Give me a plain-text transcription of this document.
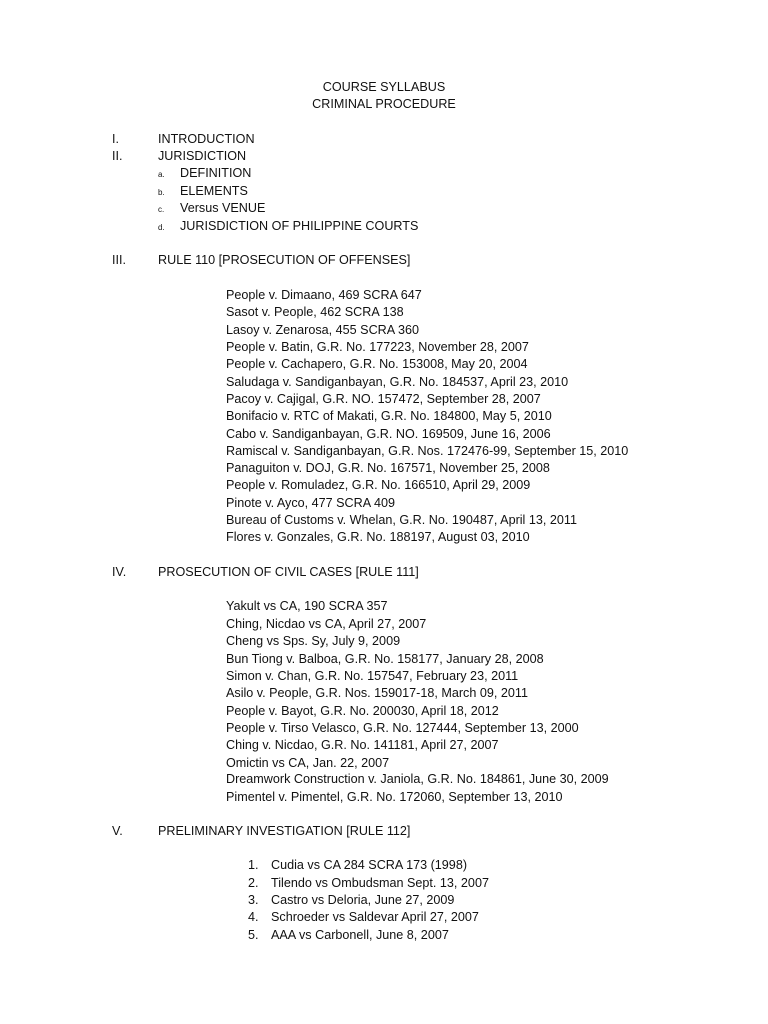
COURSE SYLLABUS
CRIMINAL PROCEDURE
I.	INTRODUCTION
II.	JURISDICTION
a. DEFINITION
b. ELEMENTS
c. Versus VENUE
d. JURISDICTION OF PHILIPPINE COURTS
III.	RULE 110 [PROSECUTION OF OFFENSES]
People v. Dimaano, 469 SCRA 647
Sasot v. People, 462 SCRA 138
Lasoy v. Zenarosa, 455 SCRA 360
People v. Batin, G.R. No. 177223, November 28, 2007
People v. Cachapero, G.R. No. 153008, May 20, 2004
Saludaga v. Sandiganbayan, G.R. No. 184537, April 23, 2010
Pacoy v. Cajigal, G.R. NO. 157472, September 28, 2007
Bonifacio v. RTC of Makati, G.R. No. 184800, May 5, 2010
Cabo v. Sandiganbayan, G.R. NO. 169509, June 16, 2006
Ramiscal v. Sandiganbayan, G.R. Nos. 172476-99, September 15, 2010
Panaguiton v. DOJ, G.R. No. 167571, November 25, 2008
People v. Romuladez, G.R. No. 166510, April 29, 2009
Pinote v. Ayco, 477 SCRA 409
Bureau of Customs v. Whelan, G.R. No. 190487, April 13, 2011
Flores v. Gonzales, G.R. No. 188197, August 03, 2010
IV.	PROSECUTION OF CIVIL CASES [RULE 111]
Yakult vs CA, 190 SCRA 357
Ching, Nicdao vs CA, April 27, 2007
Cheng vs Sps. Sy, July 9, 2009
Bun Tiong v. Balboa, G.R. No. 158177, January 28, 2008
Simon v. Chan, G.R. No. 157547, February 23, 2011
Asilo v. People, G.R. Nos. 159017-18, March 09, 2011
People v. Bayot, G.R. No. 200030, April 18, 2012
People v. Tirso Velasco, G.R. No. 127444, September 13, 2000
Ching v. Nicdao, G.R. No. 141181, April 27, 2007
Omictin vs CA, Jan. 22, 2007
Dreamwork Construction v. Janiola, G.R. No. 184861, June 30, 2009
Pimentel v. Pimentel, G.R. No. 172060, September 13, 2010
V.	PRELIMINARY INVESTIGATION [RULE 112]
1. Cudia vs CA 284 SCRA 173 (1998)
2. Tilendo vs Ombudsman Sept. 13, 2007
3. Castro vs Deloria, June 27, 2009
4. Schroeder vs Saldevar April 27, 2007
5. AAA vs Carbonell, June 8, 2007
